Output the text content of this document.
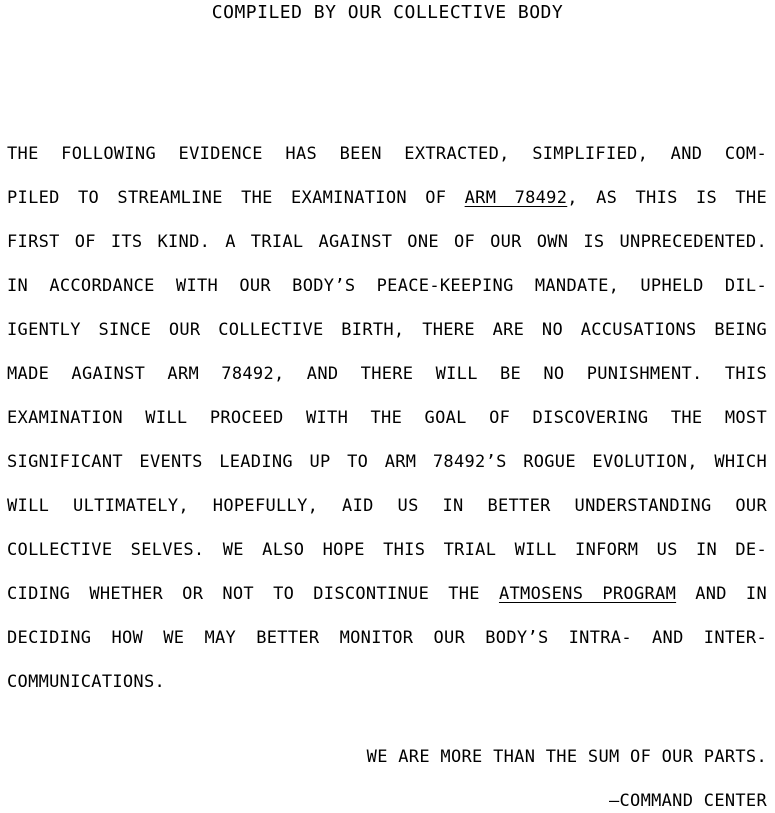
COMPILED BY OUR COLLECTIVE BODY
THE FOLLOWING EVIDENCE HAS BEEN EXTRACTED, SIMPLIFIED, AND COM-
PILED TO STREAMLINE THE EXAMINATION OF ARM 78492, AS THIS IS THE
FIRST OF ITS KIND. A TRIAL AGAINST ONE OF OUR OWN IS UNPRECEDENTED.
IN ACCORDANCE WITH OUR BODY’S PEACE-KEEPING MANDATE, UPHELD DIL-
IGENTLY SINCE OUR COLLECTIVE BIRTH, THERE ARE NO ACCUSATIONS BEING
MADE AGAINST ARM 78492, AND THERE WILL BE NO PUNISHMENT. THIS
EXAMINATION WILL PROCEED WITH THE GOAL OF DISCOVERING THE MOST
SIGNIFICANT EVENTS LEADING UP TO ARM 78492’S ROGUE EVOLUTION, WHICH
WILL ULTIMATELY, HOPEFULLY, AID US IN BETTER UNDERSTANDING OUR
COLLECTIVE SELVES. WE ALSO HOPE THIS TRIAL WILL INFORM US IN DE-
CIDING WHETHER OR NOT TO DISCONTINUE THE ATMOSENS PROGRAM AND IN
DECIDING HOW WE MAY BETTER MONITOR OUR BODY’S INTRA- AND INTER-
COMMUNICATIONS.
WE ARE MORE THAN THE SUM OF OUR PARTS.
—COMMAND CENTER
